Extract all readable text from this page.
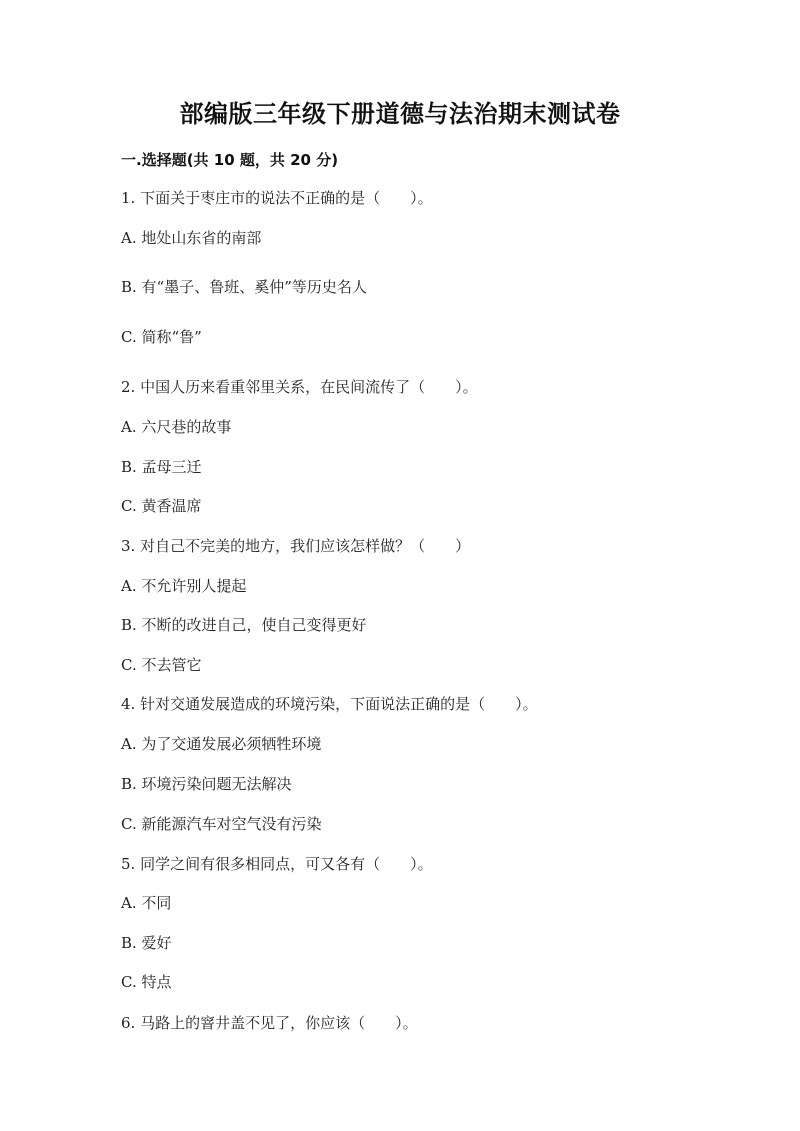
部编版三年级下册道德与法治期末测试卷
一.选择题(共 10 题，共 20 分)
1. 下面关于枣庄市的说法不正确的是（　　）。
A. 地处山东省的南部
B. 有“墨子、鲁班、奚仲”等历史名人
C. 简称“鲁”
2. 中国人历来看重邻里关系，在民间流传了（　　）。
A. 六尺巷的故事
B. 孟母三迁
C. 黄香温席
3. 对自己不完美的地方，我们应该怎样做？（　　）
A. 不允许别人提起
B. 不断的改进自己，使自己变得更好
C. 不去管它
4. 针对交通发展造成的环境污染，下面说法正确的是（　　）。
A. 为了交通发展必须牺牲环境
B. 环境污染问题无法解决
C. 新能源汽车对空气没有污染
5. 同学之间有很多相同点，可又各有（　　）。
A. 不同
B. 爱好
C. 特点
6. 马路上的窨井盖不见了，你应该（　　）。
